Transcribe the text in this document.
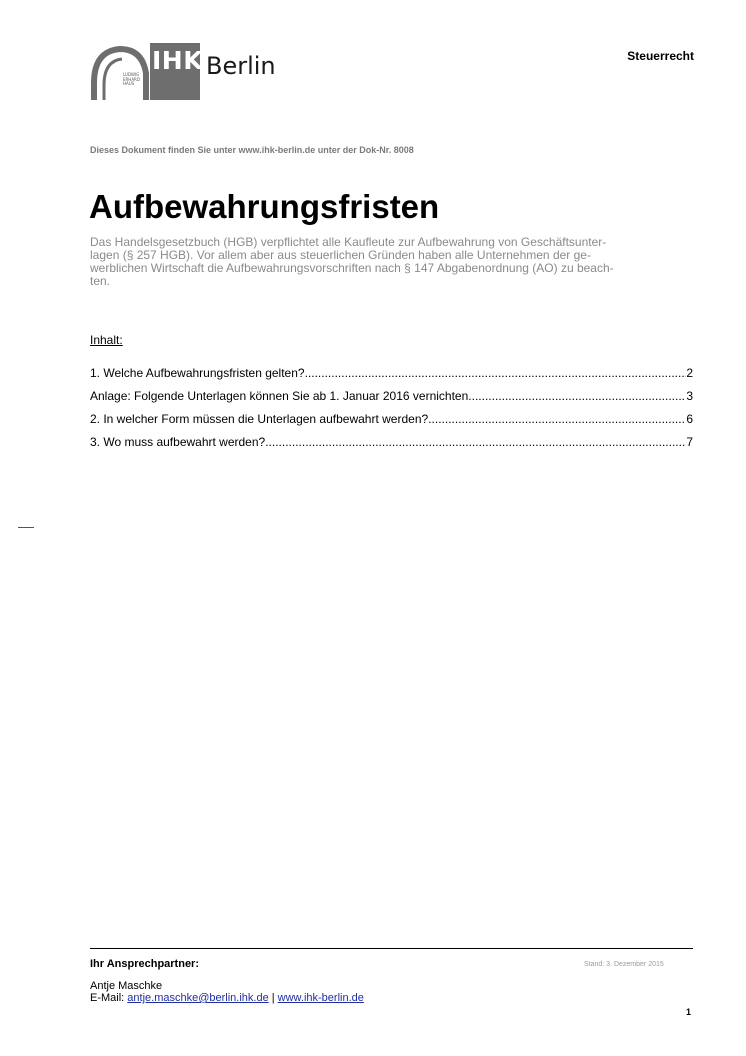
LUDWIG ERHARD HAUS
IHK Berlin	Steuerrecht
Dieses Dokument finden Sie unter www.ihk-berlin.de unter der Dok-Nr. 8008
Aufbewahrungsfristen
Das Handelsgesetzbuch (HGB) verpflichtet alle Kaufleute zur Aufbewahrung von Geschäftsunter-
lagen (§ 257 HGB). Vor allem aber aus steuerlichen Gründen haben alle Unternehmen der ge-
werblichen Wirtschaft die Aufbewahrungsvorschriften nach § 147 Abgabenordnung (AO) zu beach-
ten.
Inhalt:
1. Welche Aufbewahrungsfristen gelten? .....	2
Anlage: Folgende Unterlagen können Sie ab 1. Januar 2016 vernichten .....	3
2. In welcher Form müssen die Unterlagen aufbewahrt werden? .....	6
3. Wo muss aufbewahrt werden? .....	7
Ihr Ansprechpartner:	Stand: 3. Dezember 2015
Antje Maschke
E-Mail: antje.maschke@berlin.ihk.de | www.ihk-berlin.de
1
